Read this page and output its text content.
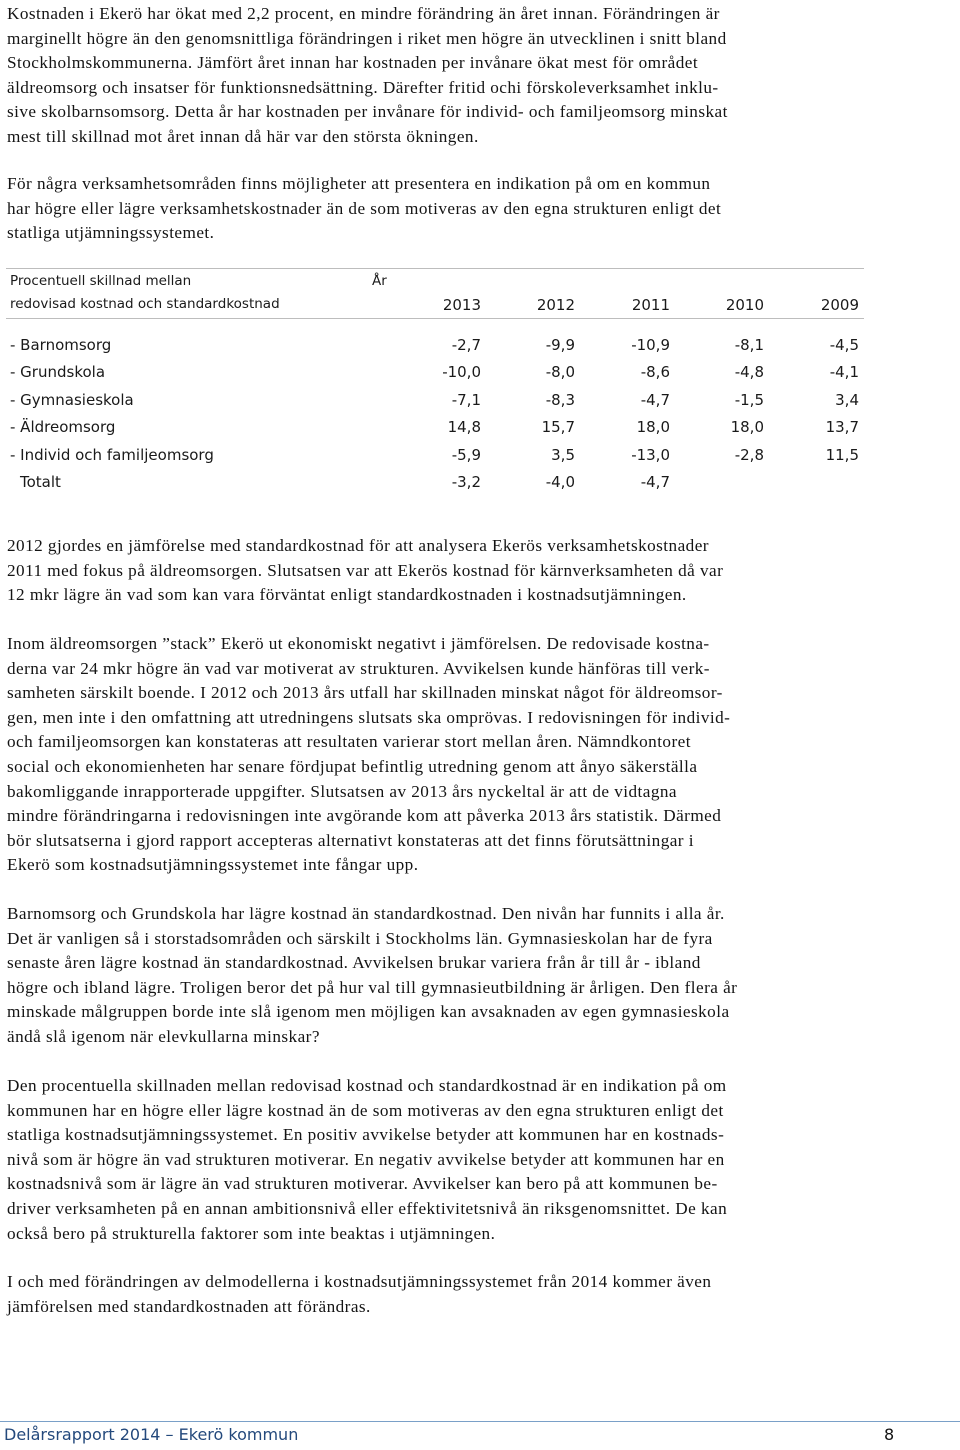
Kostnaden i Ekerö har ökat med 2,2 procent, en mindre förändring än året innan. Förändringen är
marginellt högre än den genomsnittliga förändringen i riket men högre än utvecklinen i snitt bland
Stockholmskommunerna. Jämfört året innan har kostnaden per invånare ökat mest för området
äldreomsorg och insatser för funktionsnedsättning. Därefter fritid ochi förskoleverksamhet inklu-
sive skolbarnsomsorg. Detta år har kostnaden per invånare för individ- och familjeomsorg minskat
mest till skillnad mot året innan då här var den största ökningen.
För några verksamhetsområden finns möjligheter att presentera en indikation på om en kommun
har högre eller lägre verksamhetskostnader än de som motiveras av den egna strukturen enligt det
statliga utjämningssystemet.
Procentuell skillnad mellan
redovisad kostnad och standardkostnad
År
2013	2012	2011	2010	2009
- Barnomsorg	-2,7	-9,9	-10,9	-8,1	-4,5
- Grundskola	-10,0	-8,0	-8,6	-4,8	-4,1
- Gymnasieskola	-7,1	-8,3	-4,7	-1,5	3,4
- Äldreomsorg	14,8	15,7	18,0	18,0	13,7
- Individ och familjeomsorg	-5,9	3,5	-13,0	-2,8	11,5
Totalt	-3,2	-4,0	-4,7
2012 gjordes en jämförelse med standardkostnad för att analysera Ekerös verksamhetskostnader
2011 med fokus på äldreomsorgen. Slutsatsen var att Ekerös kostnad för kärnverksamheten då var
12 mkr lägre än vad som kan vara förväntat enligt standardkostnaden i kostnadsutjämningen.
Inom äldreomsorgen ”stack” Ekerö ut ekonomiskt negativt i jämförelsen. De redovisade kostna-
derna var 24 mkr högre än vad var motiverat av strukturen. Avvikelsen kunde hänföras till verk-
samheten särskilt boende. I 2012 och 2013 års utfall har skillnaden minskat något för äldreomsor-
gen, men inte i den omfattning att utredningens slutsats ska omprövas. I redovisningen för individ-
och familjeomsorgen kan konstateras att resultaten varierar stort mellan åren. Nämndkontoret
social och ekonomienheten har senare fördjupat befintlig utredning genom att ånyo säkerställa
bakomliggande inrapporterade uppgifter. Slutsatsen av 2013 års nyckeltal är att de vidtagna
mindre förändringarna i redovisningen inte avgörande kom att påverka 2013 års statistik. Därmed
bör slutsatserna i gjord rapport accepteras alternativt konstateras att det finns förutsättningar i
Ekerö som kostnadsutjämningssystemet inte fångar upp.
Barnomsorg och Grundskola har lägre kostnad än standardkostnad. Den nivån har funnits i alla år.
Det är vanligen så i storstadsområden och särskilt i Stockholms län. Gymnasieskolan har de fyra
senaste åren lägre kostnad än standardkostnad. Avvikelsen brukar variera från år till år - ibland
högre och ibland lägre. Troligen beror det på hur val till gymnasieutbildning är årligen. Den flera år
minskade målgruppen borde inte slå igenom men möjligen kan avsaknaden av egen gymnasieskola
ändå slå igenom när elevkullarna minskar?
Den procentuella skillnaden mellan redovisad kostnad och standardkostnad är en indikation på om
kommunen har en högre eller lägre kostnad än de som motiveras av den egna strukturen enligt det
statliga kostnadsutjämningssystemet. En positiv avvikelse betyder att kommunen har en kostnads-
nivå som är högre än vad strukturen motiverar. En negativ avvikelse betyder att kommunen har en
kostnadsnivå som är lägre än vad strukturen motiverar. Avvikelser kan bero på att kommunen be-
driver verksamheten på en annan ambitionsnivå eller effektivitetsnivå än riksgenomsnittet. De kan
också bero på strukturella faktorer som inte beaktas i utjämningen.
I och med förändringen av delmodellerna i kostnadsutjämningssystemet från 2014 kommer även
jämförelsen med standardkostnaden att förändras.
Delårsrapport 2014 – Ekerö kommun	8
